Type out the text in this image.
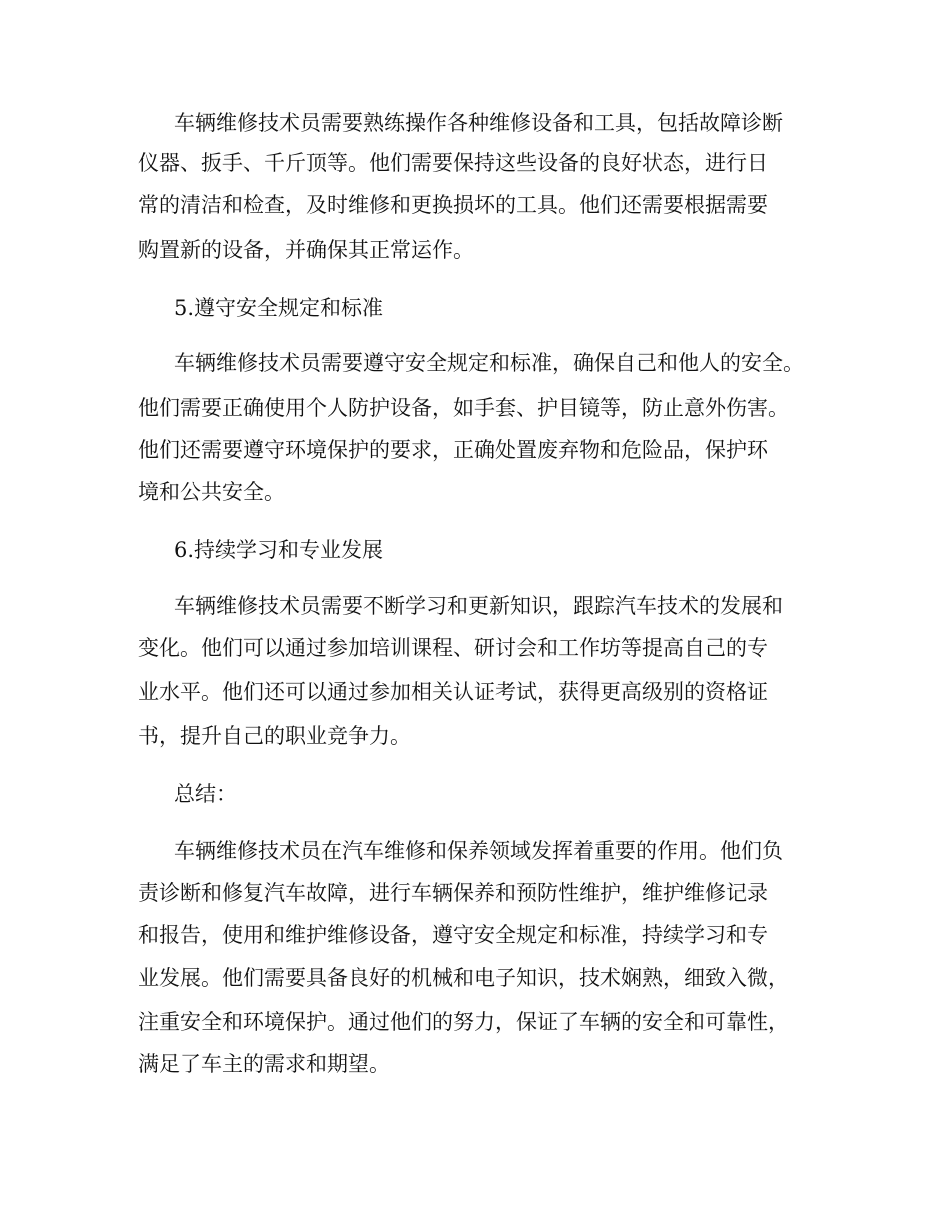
车辆维修技术员需要熟练操作各种维修设备和工具，包括故障诊断
仪器、扳手、千斤顶等。他们需要保持这些设备的良好状态，进行日
常的清洁和检查，及时维修和更换损坏的工具。他们还需要根据需要
购置新的设备，并确保其正常运作。
5.遵守安全规定和标准
车辆维修技术员需要遵守安全规定和标准，确保自己和他人的安全。
他们需要正确使用个人防护设备，如手套、护目镜等，防止意外伤害。
他们还需要遵守环境保护的要求，正确处置废弃物和危险品，保护环
境和公共安全。
6.持续学习和专业发展
车辆维修技术员需要不断学习和更新知识，跟踪汽车技术的发展和
变化。他们可以通过参加培训课程、研讨会和工作坊等提高自己的专
业水平。他们还可以通过参加相关认证考试，获得更高级别的资格证
书，提升自己的职业竞争力。
总结：
车辆维修技术员在汽车维修和保养领域发挥着重要的作用。他们负
责诊断和修复汽车故障，进行车辆保养和预防性维护，维护维修记录
和报告，使用和维护维修设备，遵守安全规定和标准，持续学习和专
业发展。他们需要具备良好的机械和电子知识，技术娴熟，细致入微，
注重安全和环境保护。通过他们的努力，保证了车辆的安全和可靠性，
满足了车主的需求和期望。
